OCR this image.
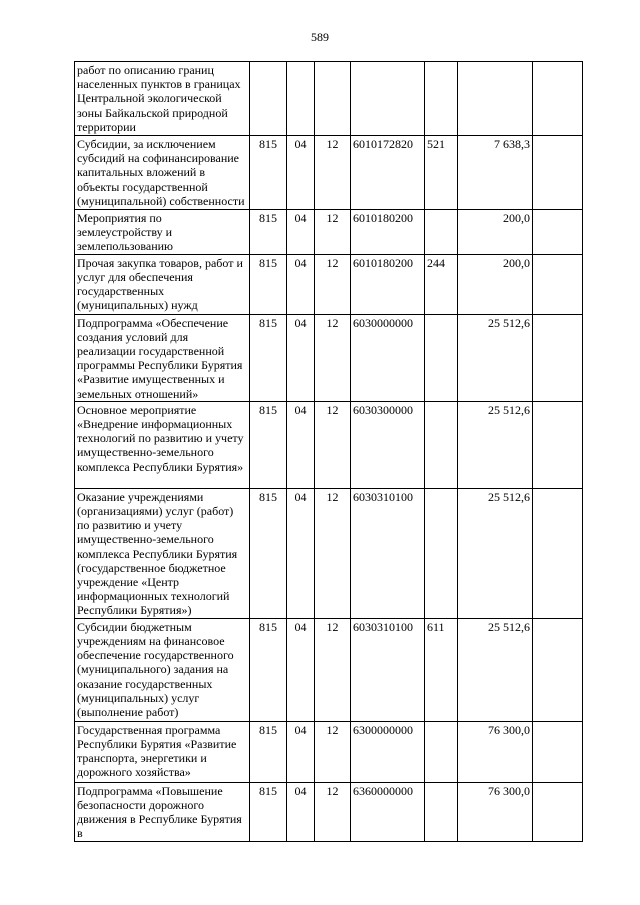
589
работ по описанию границ населенных пунктов в границах Центральной экологической зоны Байкальской природной территории							
Субсидии, за исключением субсидий на софинансирование капитальных вложений в объекты государственной (муниципальной) собственности	815	04	12	6010172820	521	7 638,3	
Мероприятия по землеустройству и землепользованию	815	04	12	6010180200		200,0	
Прочая закупка товаров, работ и услуг для обеспечения государственных (муниципальных) нужд	815	04	12	6010180200	244	200,0	
Подпрограмма «Обеспечение создания условий для реализации государственной программы Республики Бурятия «Развитие имущественных и земельных отношений»	815	04	12	6030000000		25 512,6	
Основное мероприятие «Внедрение информационных технологий по развитию и учету имущественно-земельного комплекса Республики Бурятия»	815	04	12	6030300000		25 512,6	
Оказание учреждениями (организациями) услуг (работ) по развитию и учету имущественно-земельного комплекса Республики Бурятия (государственное бюджетное учреждение «Центр информационных технологий Республики Бурятия»)	815	04	12	6030310100		25 512,6	
Субсидии бюджетным учреждениям на финансовое обеспечение государственного (муниципального) задания на оказание государственных (муниципальных) услуг (выполнение работ)	815	04	12	6030310100	611	25 512,6	
Государственная программа Республики Бурятия «Развитие транспорта, энергетики и дорожного хозяйства»	815	04	12	6300000000		76 300,0	
Подпрограмма «Повышение безопасности дорожного движения в Республике Бурятия в	815	04	12	6360000000		76 300,0	
